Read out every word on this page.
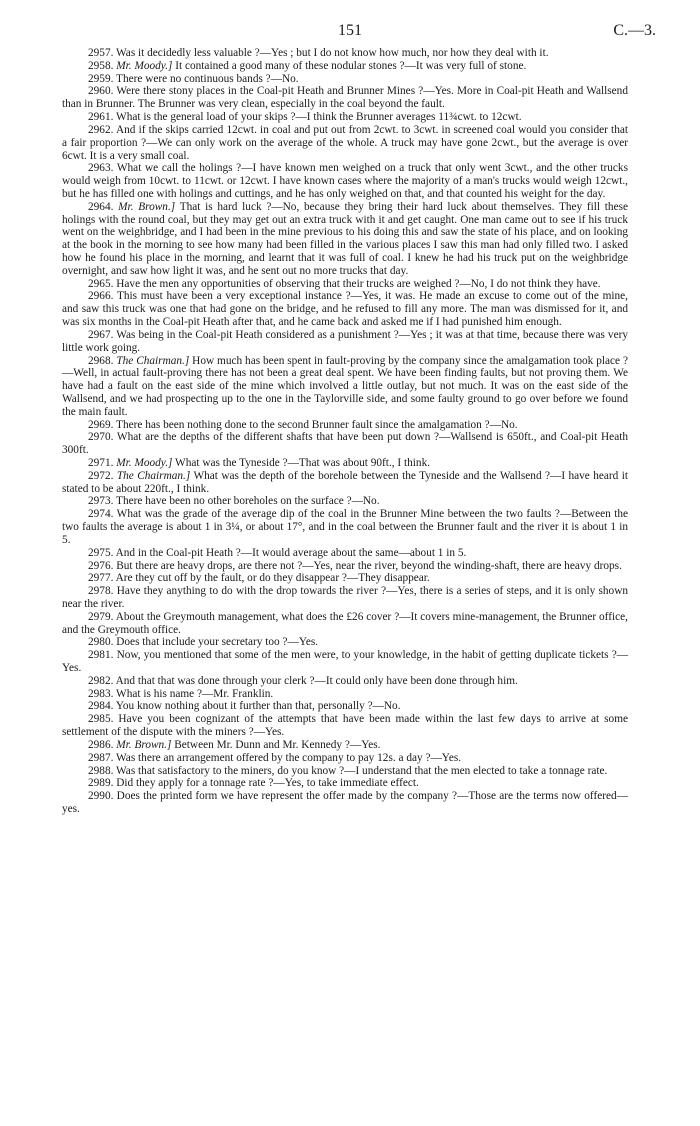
151	C.—3.

2957. Was it decidedly less valuable ?—Yes ; but I do not know how much, nor how they deal with it.

2958. Mr. Moody.] It contained a good many of these nodular stones ?—It was very full of stone.

2959. There were no continuous bands ?—No.

2960. Were there stony places in the Coal-pit Heath and Brunner Mines ?—Yes. More in Coal-pit Heath and Wallsend than in Brunner. The Brunner was very clean, especially in the coal beyond the fault.

2961. What is the general load of your skips ?—I think the Brunner averages 11¾cwt. to 12cwt.

2962. And if the skips carried 12cwt. in coal and put out from 2cwt. to 3cwt. in screened coal would you consider that a fair proportion ?—We can only work on the average of the whole. A truck may have gone 2cwt., but the average is over 6cwt. It is a very small coal.

2963. What we call the holings ?—I have known men weighed on a truck that only went 3cwt., and the other trucks would weigh from 10cwt. to 11cwt. or 12cwt. I have known cases where the majority of a man's trucks would weigh 12cwt., but he has filled one with holings and cuttings, and he has only weighed on that, and that counted his weight for the day.

2964. Mr. Brown.] That is hard luck ?—No, because they bring their hard luck about themselves. They fill these holings with the round coal, but they may get out an extra truck with it and get caught. One man came out to see if his truck went on the weighbridge, and I had been in the mine previous to his doing this and saw the state of his place, and on looking at the book in the morning to see how many had been filled in the various places I saw this man had only filled two. I asked how he found his place in the morning, and learnt that it was full of coal. I knew he had his truck put on the weighbridge overnight, and saw how light it was, and he sent out no more trucks that day.

2965. Have the men any opportunities of observing that their trucks are weighed ?—No, I do not think they have.

2966. This must have been a very exceptional instance ?—Yes, it was. He made an excuse to come out of the mine, and saw this truck was one that had gone on the bridge, and he refused to fill any more. The man was dismissed for it, and was six months in the Coal-pit Heath after that, and he came back and asked me if I had punished him enough.

2967. Was being in the Coal-pit Heath considered as a punishment ?—Yes ; it was at that time, because there was very little work going.

2968. The Chairman.] How much has been spent in fault-proving by the company since the amalgamation took place ?—Well, in actual fault-proving there has not been a great deal spent. We have been finding faults, but not proving them. We have had a fault on the east side of the mine which involved a little outlay, but not much. It was on the east side of the Wallsend, and we had prospecting up to the one in the Taylorville side, and some faulty ground to go over before we found the main fault.

2969. There has been nothing done to the second Brunner fault since the amalgamation ?—No.

2970. What are the depths of the different shafts that have been put down ?—Wallsend is 650ft., and Coal-pit Heath 300ft.

2971. Mr. Moody.] What was the Tyneside ?—That was about 90ft., I think.

2972. The Chairman.] What was the depth of the borehole between the Tyneside and the Wallsend ?—I have heard it stated to be about 220ft., I think.

2973. There have been no other boreholes on the surface ?—No.

2974. What was the grade of the average dip of the coal in the Brunner Mine between the two faults ?—Between the two faults the average is about 1 in 3¼, or about 17°, and in the coal between the Brunner fault and the river it is about 1 in 5.

2975. And in the Coal-pit Heath ?—It would average about the same—about 1 in 5.

2976. But there are heavy drops, are there not ?—Yes, near the river, beyond the winding-shaft, there are heavy drops.

2977. Are they cut off by the fault, or do they disappear ?—They disappear.

2978. Have they anything to do with the drop towards the river ?—Yes, there is a series of steps, and it is only shown near the river.

2979. About the Greymouth management, what does the £26 cover ?—It covers mine-management, the Brunner office, and the Greymouth office.

2980. Does that include your secretary too ?—Yes.

2981. Now, you mentioned that some of the men were, to your knowledge, in the habit of getting duplicate tickets ?—Yes.

2982. And that that was done through your clerk ?—It could only have been done through him.

2983. What is his name ?—Mr. Franklin.

2984. You know nothing about it further than that, personally ?—No.

2985. Have you been cognizant of the attempts that have been made within the last few days to arrive at some settlement of the dispute with the miners ?—Yes.

2986. Mr. Brown.] Between Mr. Dunn and Mr. Kennedy ?—Yes.

2987. Was there an arrangement offered by the company to pay 12s. a day ?—Yes.

2988. Was that satisfactory to the miners, do you know ?—I understand that the men elected to take a tonnage rate.

2989. Did they apply for a tonnage rate ?—Yes, to take immediate effect.

2990. Does the printed form we have represent the offer made by the company ?—Those are the terms now offered—yes.
